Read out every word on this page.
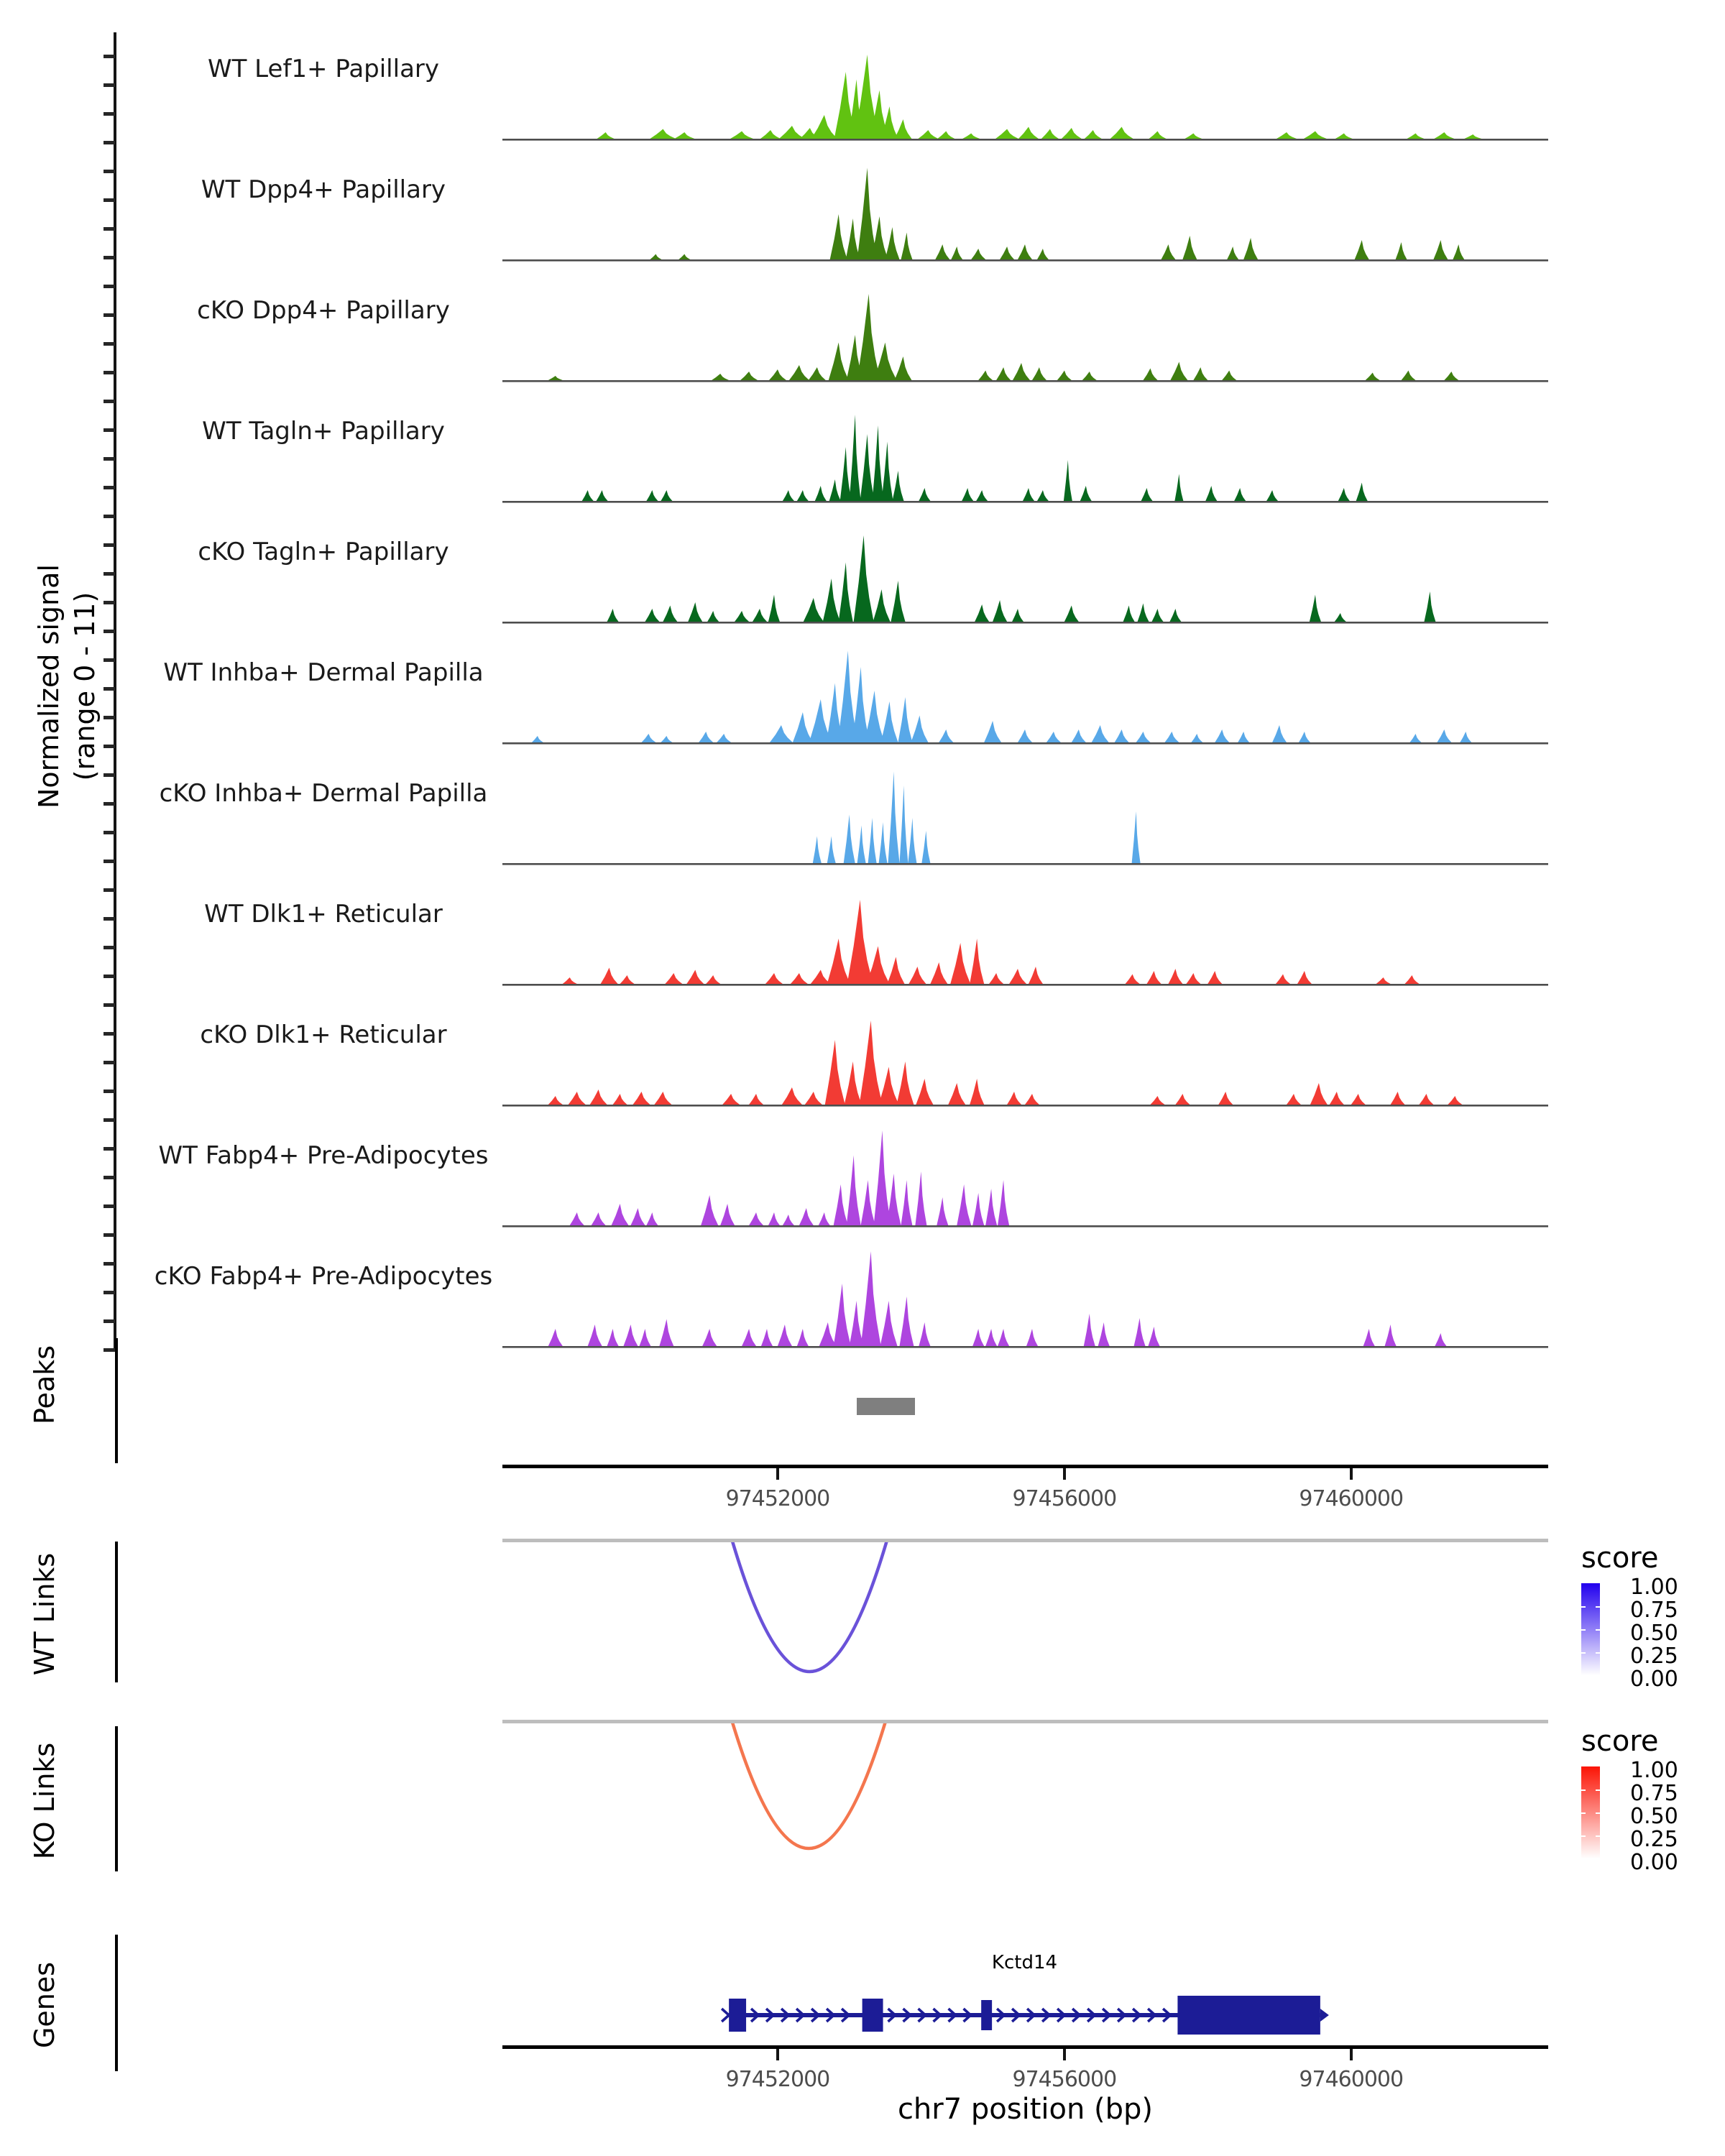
Normalized signal (range 0 - 11)
WT Lef1+ Papillary
WT Dpp4+ Papillary
cKO Dpp4+ Papillary
WT Tagln+ Papillary
cKO Tagln+ Papillary
WT Inhba+ Dermal Papilla
cKO Inhba+ Dermal Papilla
WT Dlk1+ Reticular
cKO Dlk1+ Reticular
WT Fabp4+ Pre-Adipocytes
cKO Fabp4+ Pre-Adipocytes
97452000	97456000	97460000
97452000	97456000	97460000
Kctd14
Peaks
WT Links
KO Links
Genes
score
1.00
0.75
0.50
0.25
0.00
score
1.00
0.75
0.50
0.25
0.00
chr7 position (bp)
